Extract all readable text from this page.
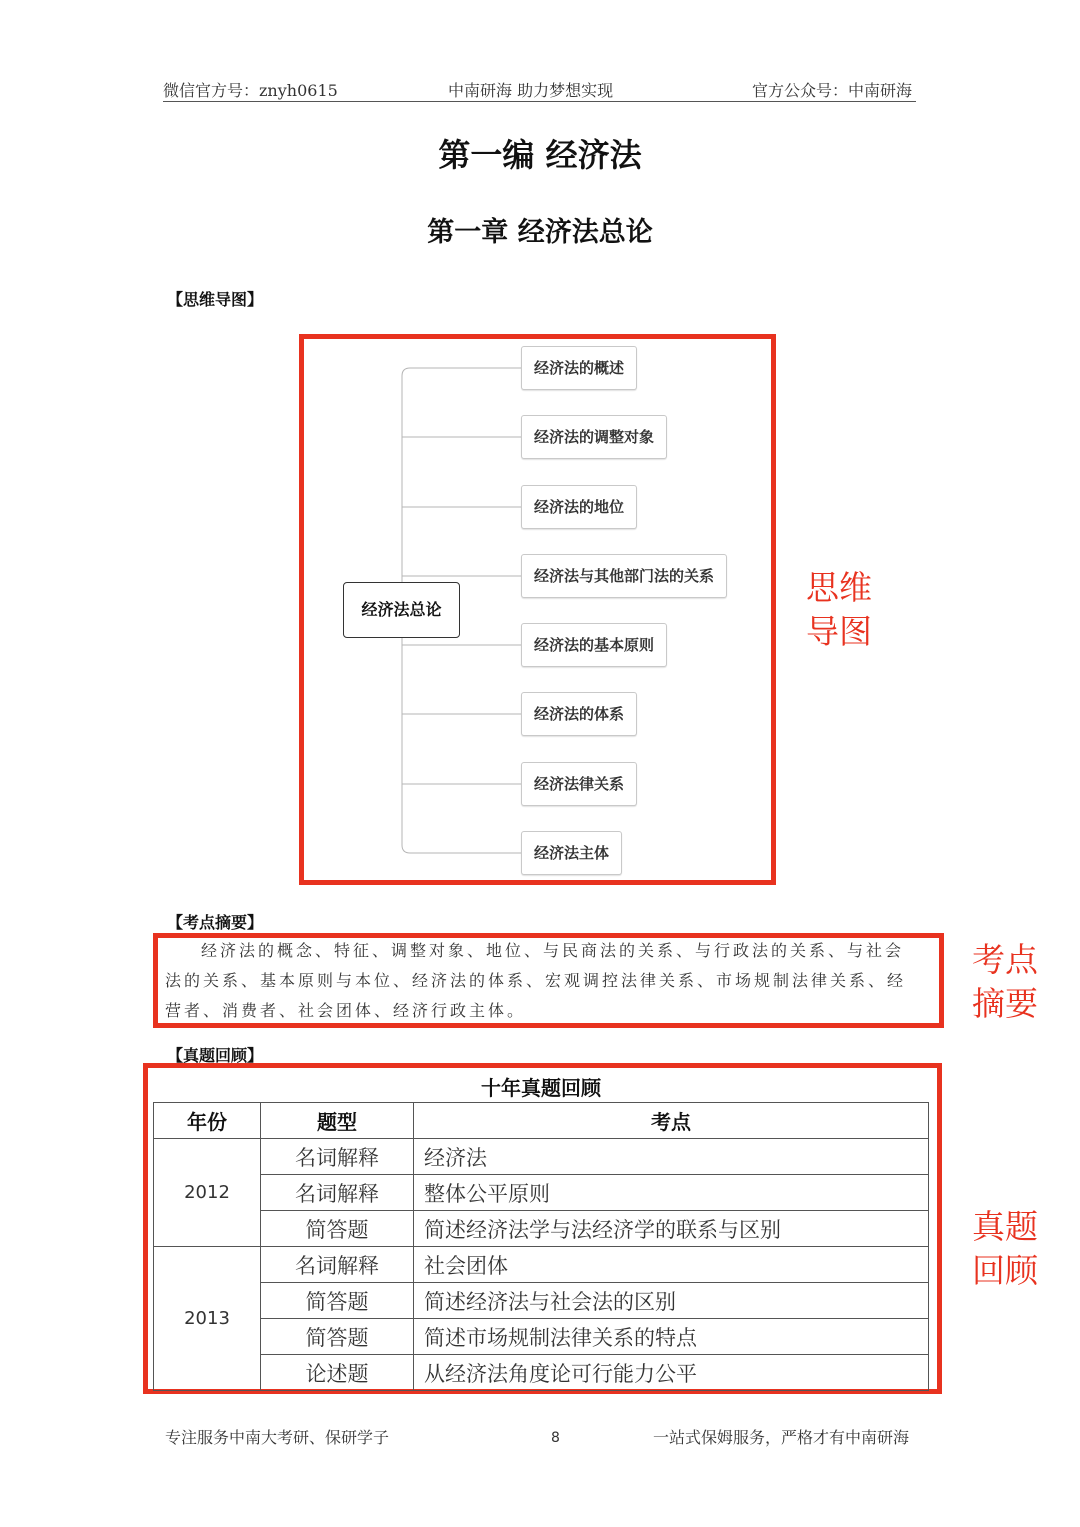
微信官方号：znyh0615	中南研海 助力梦想实现	官方公众号：中南研海
第一编 经济法
第一章 经济法总论
【思维导图】
经济法总论
经济法的概述
经济法的调整对象
经济法的地位
经济法与其他部门法的关系
经济法的基本原则
经济法的体系
经济法律关系
经济法主体
思维
导图
【考点摘要】
经济法的概念、特征、调整对象、地位、与民商法的关系、与行政法的关系、与社会法的关系、基本原则与本位、经济法的体系、宏观调控法律关系、市场规制法律关系、经营者、消费者、社会团体、经济行政主体。
考点
摘要
【真题回顾】
十年真题回顾		
年份	题型	考点
2012	名词解释	经济法
	名词解释	整体公平原则
	简答题	简述经济法学与法经济学的联系与区别
2013	名词解释	社会团体
	简答题	简述经济法与社会法的区别
	简答题	简述市场规制法律关系的特点
	论述题	从经济法角度论可行能力公平
真题
回顾
专注服务中南大考研、保研学子	8	一站式保姆服务，严格才有中南研海
